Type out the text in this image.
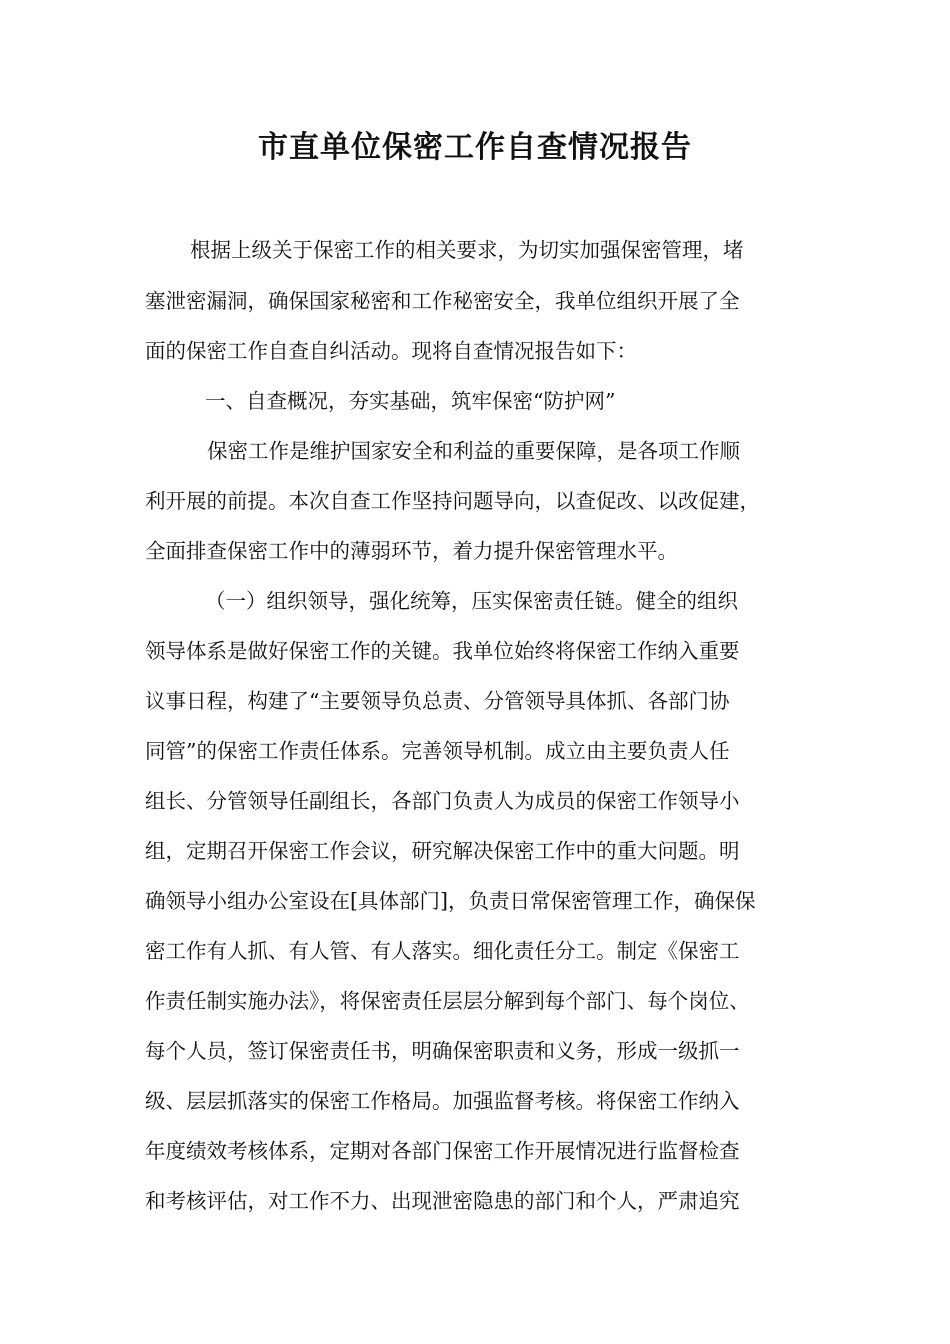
市直单位保密工作自查情况报告
根据上级关于保密工作的相关要求，为切实加强保密管理，堵
塞泄密漏洞，确保国家秘密和工作秘密安全，我单位组织开展了全
面的保密工作自查自纠活动。现将自查情况报告如下：
一、自查概况，夯实基础，筑牢保密“防护网”
保密工作是维护国家安全和利益的重要保障，是各项工作顺
利开展的前提。本次自查工作坚持问题导向，以查促改、以改促建，
全面排查保密工作中的薄弱环节，着力提升保密管理水平。
（一）组织领导，强化统筹，压实保密责任链。健全的组织
领导体系是做好保密工作的关键。我单位始终将保密工作纳入重要
议事日程，构建了“主要领导负总责、分管领导具体抓、各部门协
同管”的保密工作责任体系。完善领导机制。成立由主要负责人任
组长、分管领导任副组长，各部门负责人为成员的保密工作领导小
组，定期召开保密工作会议，研究解决保密工作中的重大问题。明
确领导小组办公室设在[具体部门]，负责日常保密管理工作，确保保
密工作有人抓、有人管、有人落实。细化责任分工。制定《保密工
作责任制实施办法》，将保密责任层层分解到每个部门、每个岗位、
每个人员，签订保密责任书，明确保密职责和义务，形成一级抓一
级、层层抓落实的保密工作格局。加强监督考核。将保密工作纳入
年度绩效考核体系，定期对各部门保密工作开展情况进行监督检查
和考核评估，对工作不力、出现泄密隐患的部门和个人，严肃追究
